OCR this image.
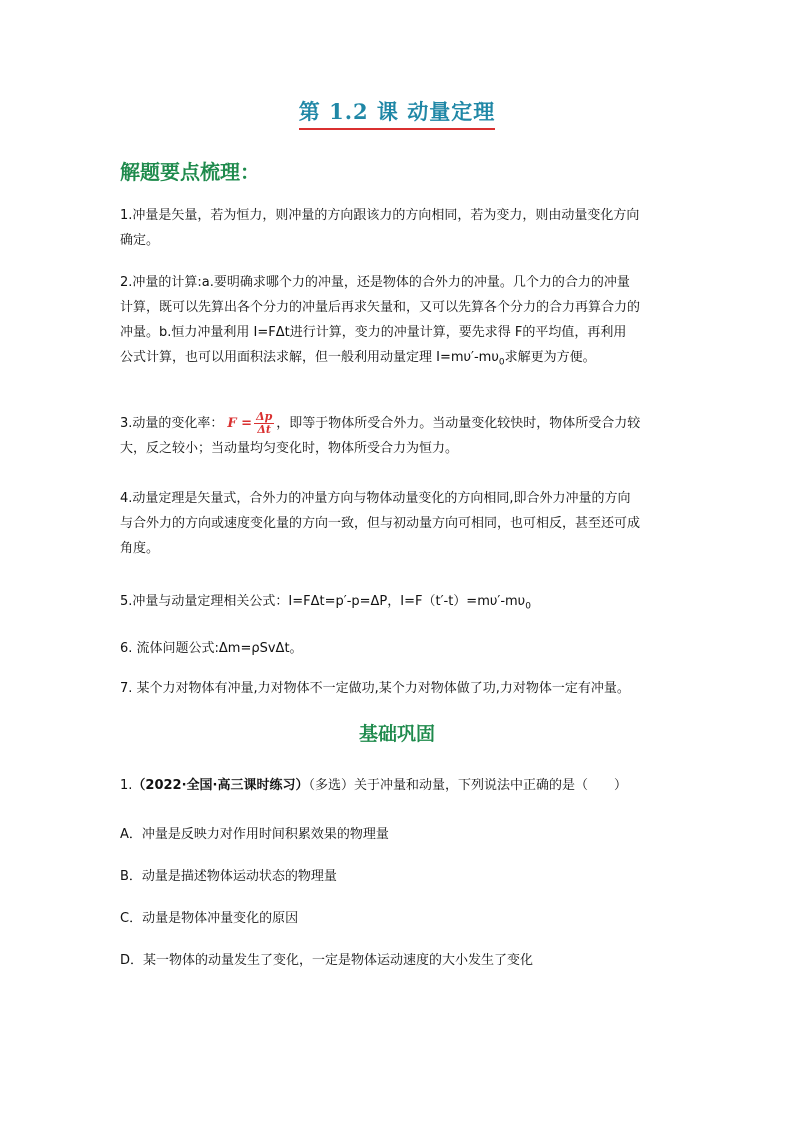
第 1.2 课 动量定理
解题要点梳理：
1.冲量是矢量，若为恒力，则冲量的方向跟该力的方向相同，若为变力，则由动量变化方向
确定。
2.冲量的计算:a.要明确求哪个力的冲量，还是物体的合外力的冲量。几个力的合力的冲量
计算，既可以先算出各个分力的冲量后再求矢量和，又可以先算各个分力的合力再算合力的
冲量。b.恒力冲量利用 I=FΔt进行计算，变力的冲量计算，要先求得 F的平均值，再利用
公式计算，也可以用面积法求解，但一般利用动量定理 $I=m\upsilon'-m\upsilon_0$求解更为方便。
3.动量的变化率： $F = \frac{\Delta p}{\Delta t}$ ，即等于物体所受合外力。当动量变化较快时，物体所受合力较
大，反之较小；当动量均匀变化时，物体所受合力为恒力。
4.动量定理是矢量式，合外力的冲量方向与物体动量变化的方向相同,即合外力冲量的方向
与合外力的方向或速度变化量的方向一致，但与初动量方向可相同，也可相反，甚至还可成
角度。
5.冲量与动量定理相关公式：I=FΔt=p′-p=ΔP，$I=F(t'-t)=m\upsilon'-m\upsilon_0$
6. 流体问题公式:Δm=ρSvΔt。
7. 某个力对物体有冲量,力对物体不一定做功,某个力对物体做了功,力对物体一定有冲量。
基础巩固
1.（2022·全国·高三课时练习）（多选）关于冲量和动量，下列说法中正确的是（　　）
A．冲量是反映力对作用时间积累效果的物理量
B．动量是描述物体运动状态的物理量
C．动量是物体冲量变化的原因
D．某一物体的动量发生了变化，一定是物体运动速度的大小发生了变化
